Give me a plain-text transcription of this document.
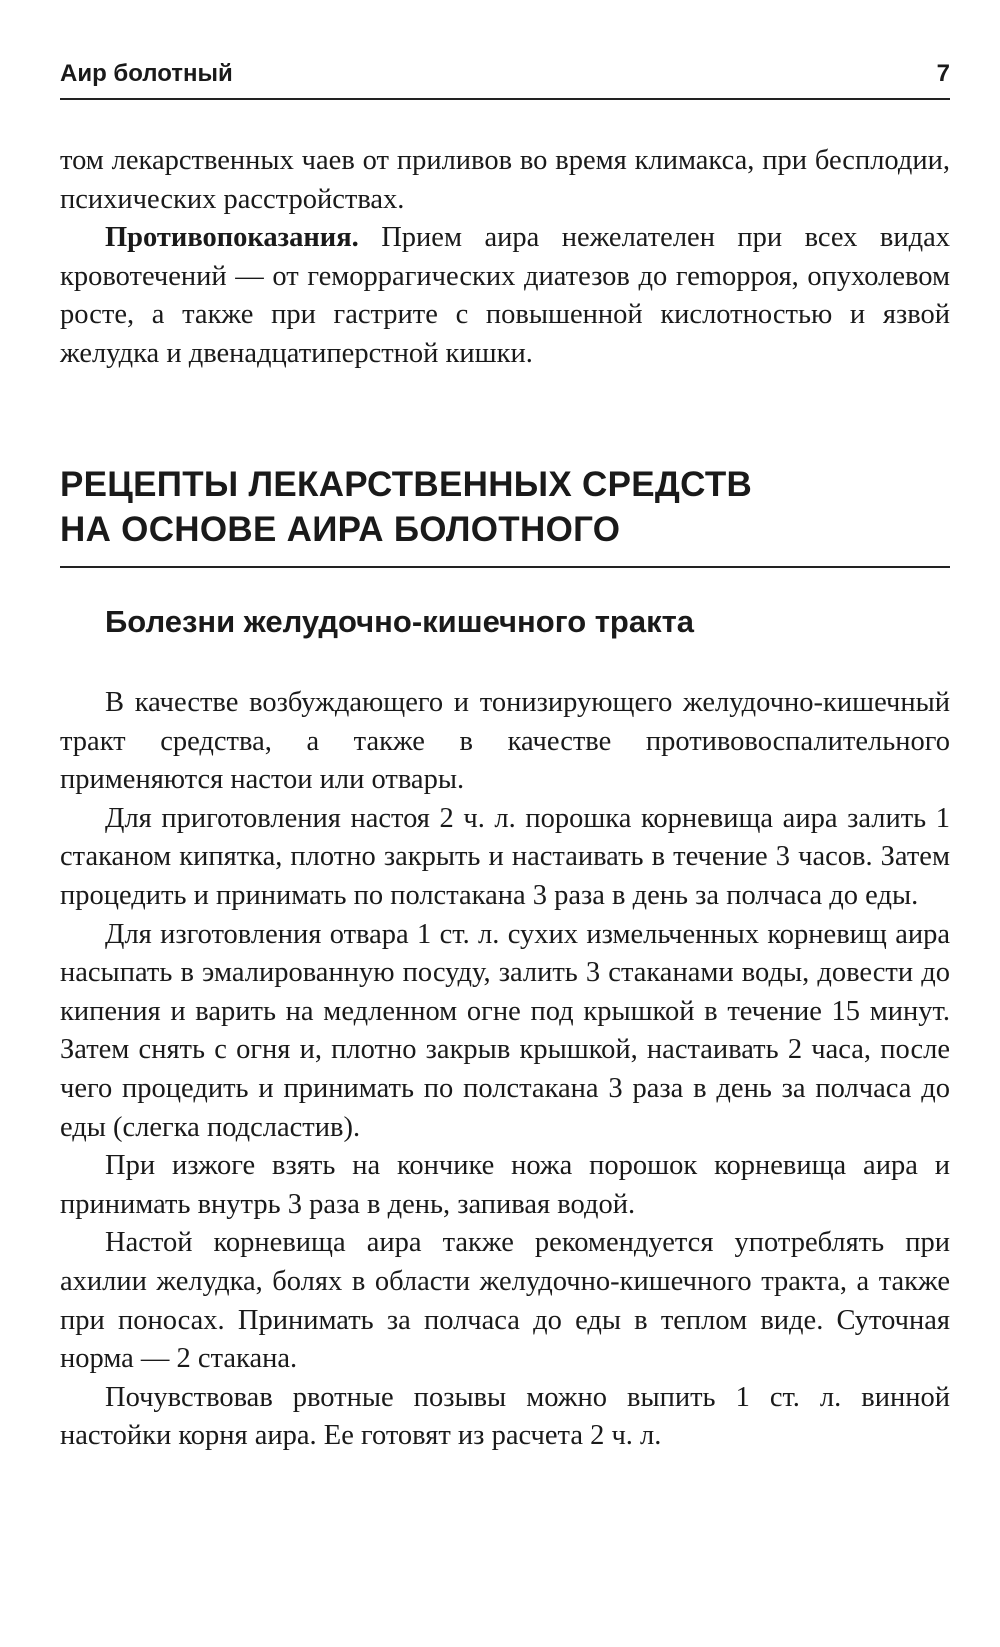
Аир болотный	7

том лекарственных чаев от приливов во время климакса, при бесплодии, психических расстройствах.

Противопоказания. Прием аира нежелателен при всех видах кровотечений — от геморрагических диатезов до геmорроя, опухолевом росте, а также при гастрите с повышенной кислотностью и язвой желудка и двенадцатиперстной кишки.

РЕЦЕПТЫ ЛЕКАРСТВЕННЫХ СРЕДСТВ
НА ОСНОВЕ АИРА БОЛОТНОГО
Болезни желудочно-кишечного тракта

В качестве возбуждающего и тонизирующего желудочно-кишечный тракт средства, а также в качестве противовоспалительного применяются настои или отвары.

Для приготовления настоя 2 ч. л. порошка корневища аира залить 1 стаканом кипятка, плотно закрыть и настаивать в течение 3 часов. Затем процедить и принимать по полстакана 3 раза в день за полчаса до еды.

Для изготовления отвара 1 ст. л. сухих измельченных корневищ аира насыпать в эмалированную посуду, залить 3 стаканами воды, довести до кипения и варить на медленном огне под крышкой в течение 15 минут. Затем снять с огня и, плотно закрыв крышкой, настаивать 2 часа, после чего процедить и принимать по полстакана 3 раза в день за полчаса до еды (слегка подсластив).

При изжоге взять на кончике ножа порошок корневища аира и принимать внутрь 3 раза в день, запивая водой.

Настой корневища аира также рекомендуется употреблять при ахилии желудка, болях в области желудочно-кишечного тракта, а также при поносах. Принимать за полчаса до еды в теплом виде. Суточная норма — 2 стакана.

Почувствовав рвотные позывы можно выпить 1 ст. л. винной настойки корня аира. Ее готовят из расчета 2 ч. л.
